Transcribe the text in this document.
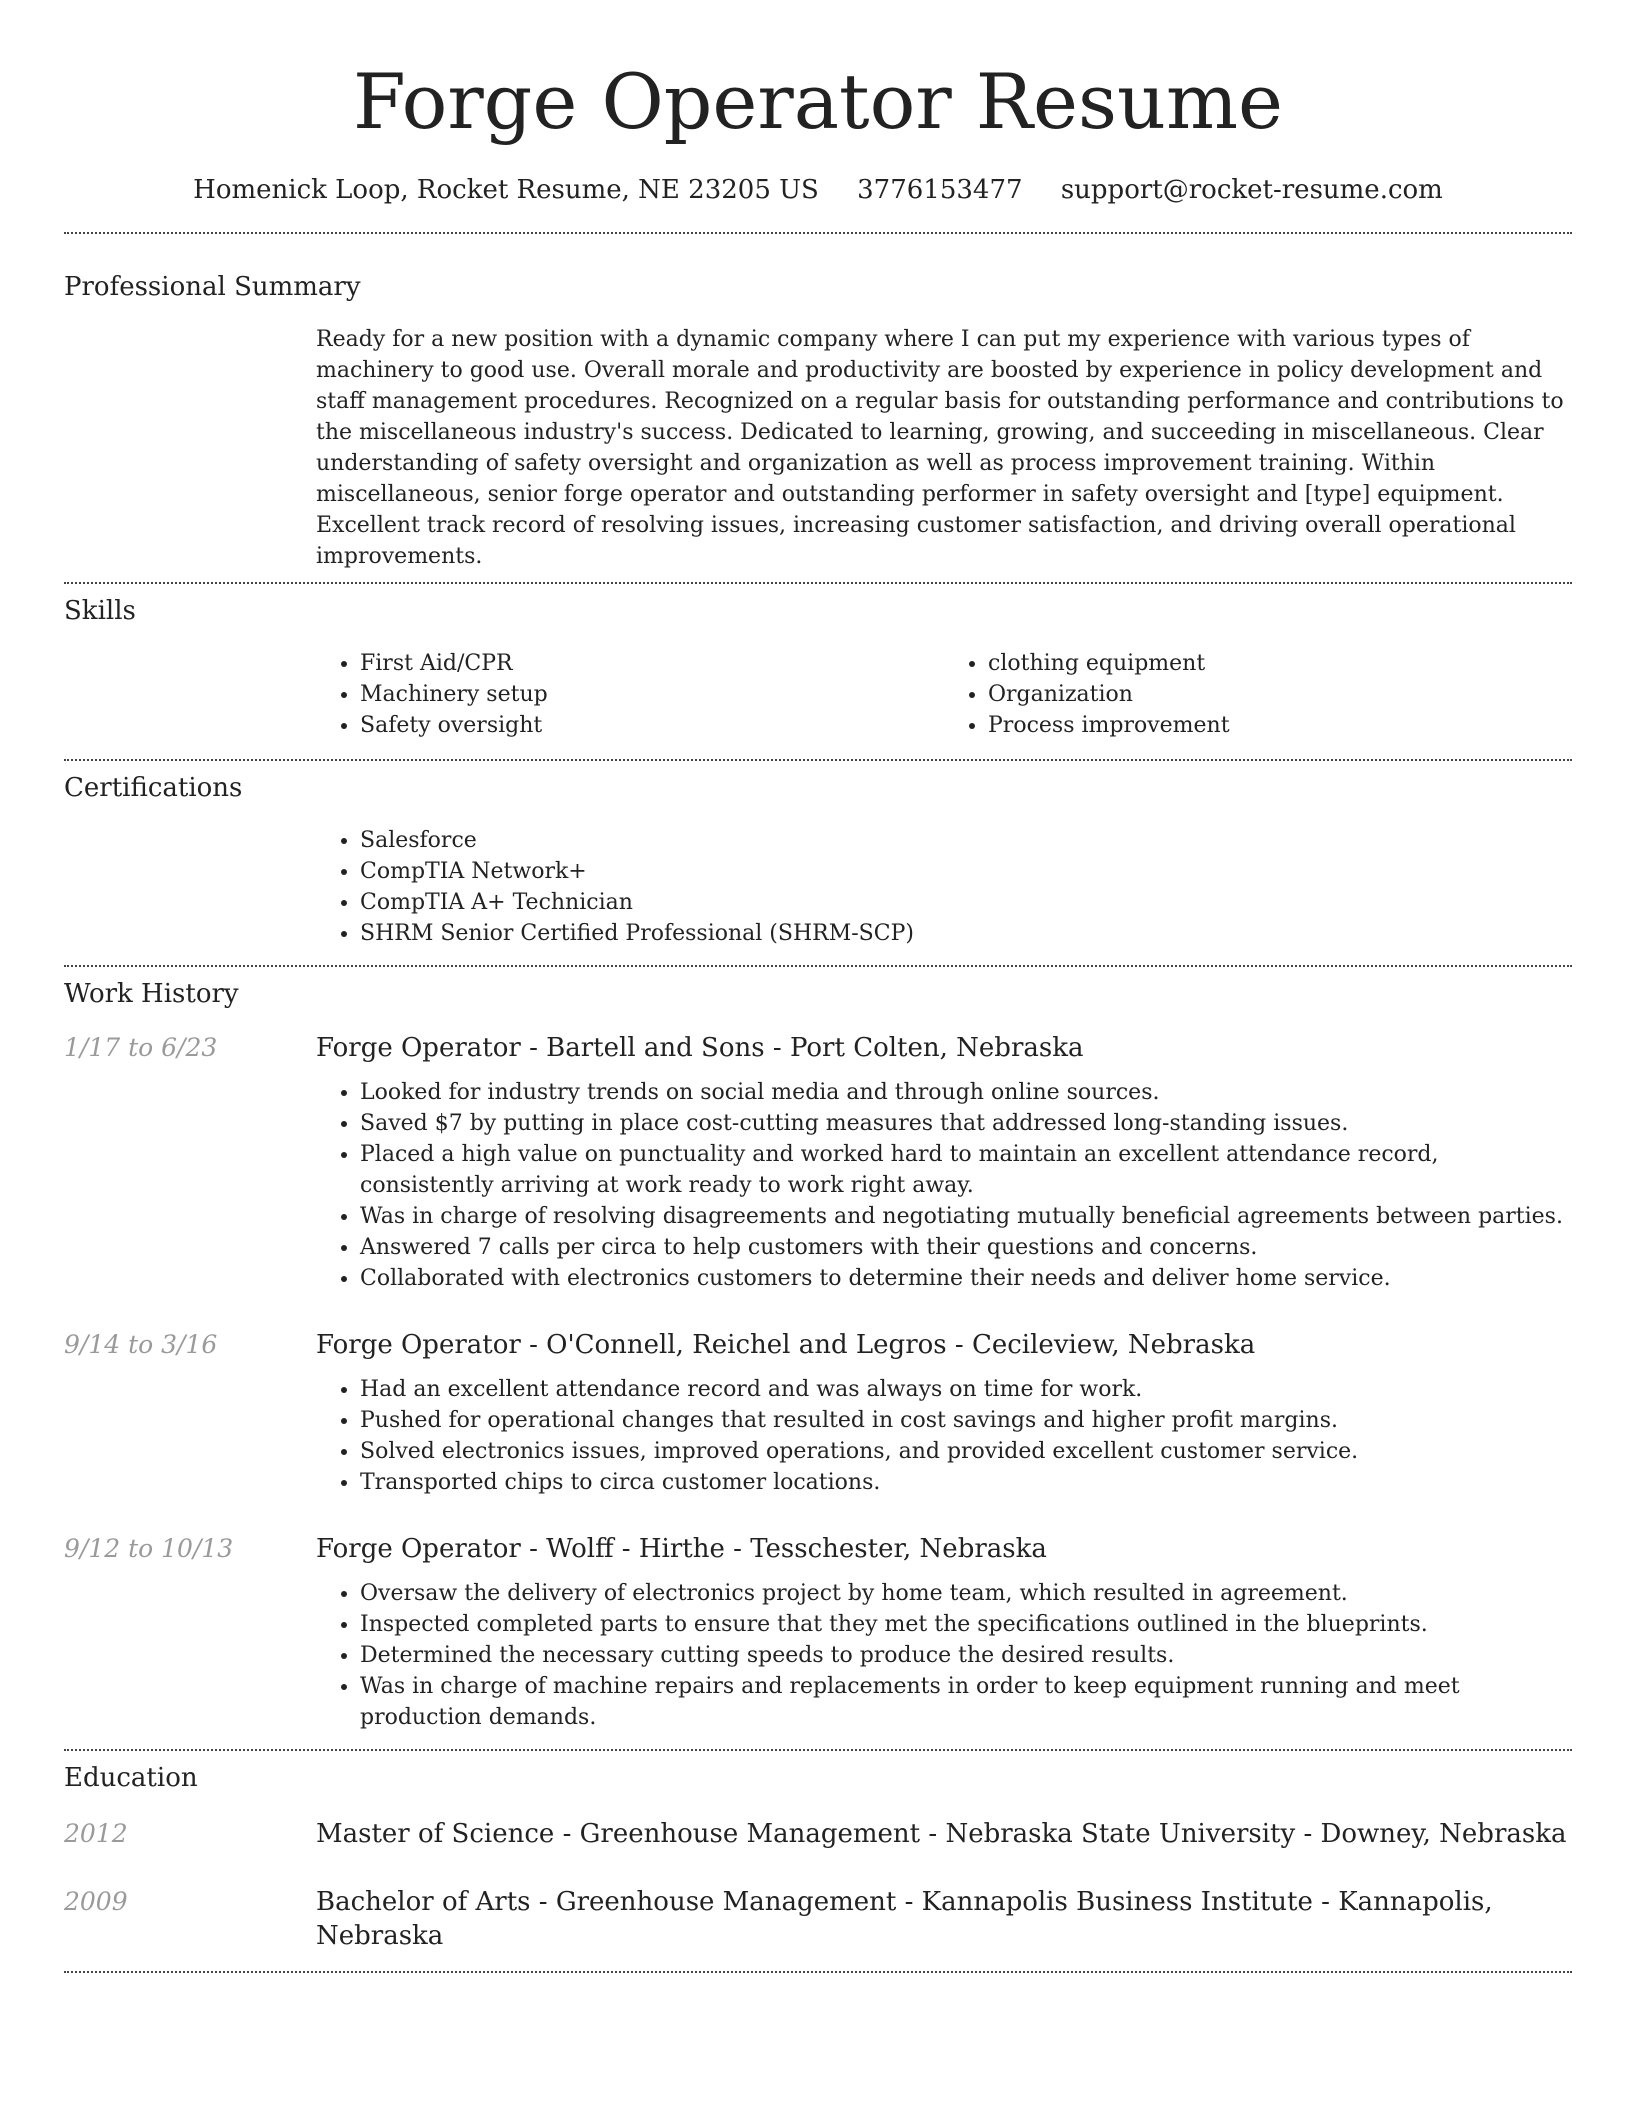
Forge Operator Resume
Homenick Loop, Rocket Resume, NE 23205 US 3776153477 support@rocket-resume.com
Professional Summary

Ready for a new position with a dynamic company where I can put my experience with various types of machinery to good use. Overall morale and productivity are boosted by experience in policy development and staff management procedures. Recognized on a regular basis for outstanding performance and contributions to the miscellaneous industry's success. Dedicated to learning, growing, and succeeding in miscellaneous. Clear understanding of safety oversight and organization as well as process improvement training. Within miscellaneous, senior forge operator and outstanding performer in safety oversight and [type] equipment. Excellent track record of resolving issues, increasing customer satisfaction, and driving overall operational improvements.

Skills
• First Aid/CPR
• Machinery setup
• Safety oversight
• clothing equipment
• Organization
• Process improvement
Certifications
• Salesforce
• CompTIA Network+
• CompTIA A+ Technician
• SHRM Senior Certified Professional (SHRM-SCP)
Work History
1/17 to 6/23	Forge Operator - Bartell and Sons - Port Colten, Nebraska
• Looked for industry trends on social media and through online sources.
• Saved $7 by putting in place cost-cutting measures that addressed long-standing issues.
• Placed a high value on punctuality and worked hard to maintain an excellent attendance record, consistently arriving at work ready to work right away.
• Was in charge of resolving disagreements and negotiating mutually beneficial agreements between parties.
• Answered 7 calls per circa to help customers with their questions and concerns.
• Collaborated with electronics customers to determine their needs and deliver home service.
9/14 to 3/16	Forge Operator - O'Connell, Reichel and Legros - Cecileview, Nebraska
• Had an excellent attendance record and was always on time for work.
• Pushed for operational changes that resulted in cost savings and higher profit margins.
• Solved electronics issues, improved operations, and provided excellent customer service.
• Transported chips to circa customer locations.
9/12 to 10/13	Forge Operator - Wolff - Hirthe - Tesschester, Nebraska
• Oversaw the delivery of electronics project by home team, which resulted in agreement.
• Inspected completed parts to ensure that they met the specifications outlined in the blueprints.
• Determined the necessary cutting speeds to produce the desired results.
• Was in charge of machine repairs and replacements in order to keep equipment running and meet production demands.
Education
2012	Master of Science - Greenhouse Management - Nebraska State University - Downey, Nebraska
2009	Bachelor of Arts - Greenhouse Management - Kannapolis Business Institute - Kannapolis, Nebraska
